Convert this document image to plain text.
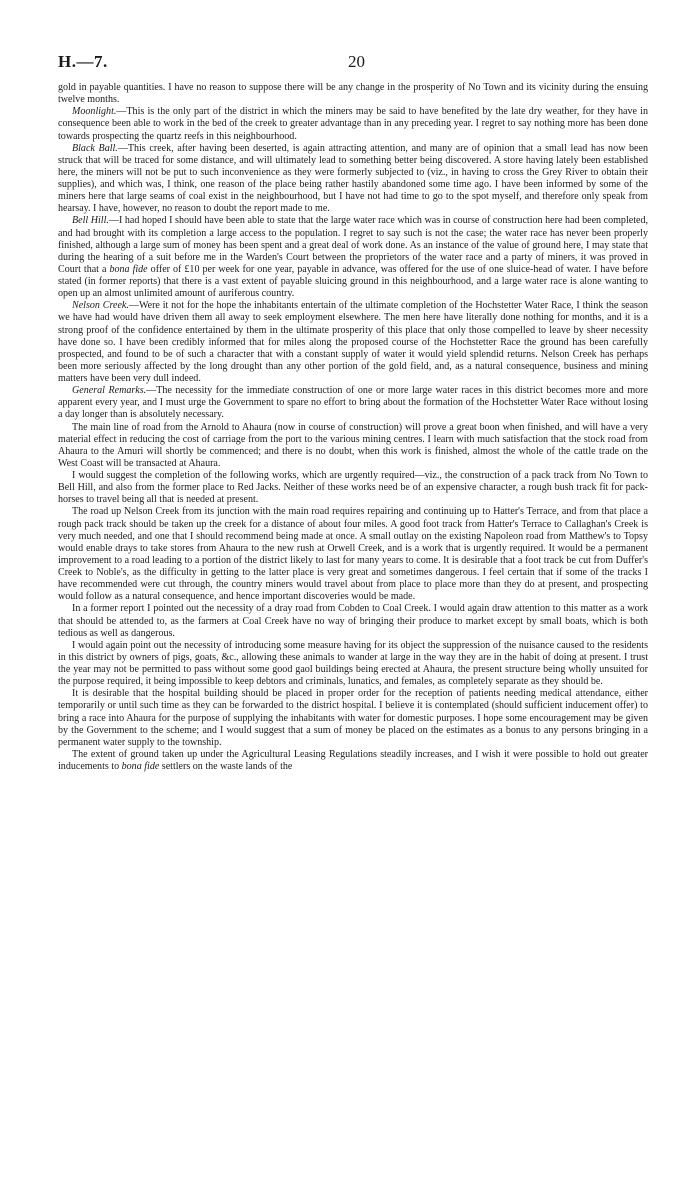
H.—7.	20

gold in payable quantities. I have no reason to suppose there will be any change in the prosperity of No Town and its vicinity during the ensuing twelve months.

Moonlight.—This is the only part of the district in which the miners may be said to have benefited by the late dry weather, for they have in consequence been able to work in the bed of the creek to greater advantage than in any preceding year. I regret to say nothing more has been done towards prospecting the quartz reefs in this neighbourhood.

Black Ball.—This creek, after having been deserted, is again attracting attention, and many are of opinion that a small lead has now been struck that will be traced for some distance, and will ultimately lead to something better being discovered. A store having lately been established here, the miners will not be put to such inconvenience as they were formerly subjected to (viz., in having to cross the Grey River to obtain their supplies), and which was, I think, one reason of the place being rather hastily abandoned some time ago. I have been informed by some of the miners here that large seams of coal exist in the neighbourhood, but I have not had time to go to the spot myself, and therefore only speak from hearsay. I have, however, no reason to doubt the report made to me.

Bell Hill.—I had hoped I should have been able to state that the large water race which was in course of construction here had been completed, and had brought with its completion a large access to the population. I regret to say such is not the case; the water race has never been properly finished, although a large sum of money has been spent and a great deal of work done. As an instance of the value of ground here, I may state that during the hearing of a suit before me in the Warden's Court between the proprietors of the water race and a party of miners, it was proved in Court that a bona fide offer of £10 per week for one year, payable in advance, was offered for the use of one sluice-head of water. I have before stated (in former reports) that there is a vast extent of payable sluicing ground in this neighbourhood, and a large water race is alone wanting to open up an almost unlimited amount of auriferous country.

Nelson Creek.—Were it not for the hope the inhabitants entertain of the ultimate completion of the Hochstetter Water Race, I think the season we have had would have driven them all away to seek employment elsewhere. The men here have literally done nothing for months, and it is a strong proof of the confidence entertained by them in the ultimate prosperity of this place that only those compelled to leave by sheer necessity have done so. I have been credibly informed that for miles along the proposed course of the Hochstetter Race the ground has been carefully prospected, and found to be of such a character that with a constant supply of water it would yield splendid returns. Nelson Creek has perhaps been more seriously affected by the long drought than any other portion of the gold field, and, as a natural consequence, business and mining matters have been very dull indeed.

General Remarks.—The necessity for the immediate construction of one or more large water races in this district becomes more and more apparent every year, and I must urge the Government to spare no effort to bring about the formation of the Hochstetter Water Race without losing a day longer than is absolutely necessary.

The main line of road from the Arnold to Ahaura (now in course of construction) will prove a great boon when finished, and will have a very material effect in reducing the cost of carriage from the port to the various mining centres. I learn with much satisfaction that the stock road from Ahaura to the Amuri will shortly be commenced; and there is no doubt, when this work is finished, almost the whole of the cattle trade on the West Coast will be transacted at Ahaura.

I would suggest the completion of the following works, which are urgently required—viz., the construction of a pack track from No Town to Bell Hill, and also from the former place to Red Jacks. Neither of these works need be of an expensive character, a rough bush track fit for pack-horses to travel being all that is needed at present.

The road up Nelson Creek from its junction with the main road requires repairing and continuing up to Hatter's Terrace, and from that place a rough pack track should be taken up the creek for a distance of about four miles. A good foot track from Hatter's Terrace to Callaghan's Creek is very much needed, and one that I should recommend being made at once. A small outlay on the existing Napoleon road from Matthew's to Topsy would enable drays to take stores from Ahaura to the new rush at Orwell Creek, and is a work that is urgently required. It would be a permanent improvement to a road leading to a portion of the district likely to last for many years to come. It is desirable that a foot track be cut from Duffer's Creek to Noble's, as the difficulty in getting to the latter place is very great and sometimes dangerous. I feel certain that if some of the tracks I have recommended were cut through, the country miners would travel about from place to place more than they do at present, and prospecting would follow as a natural consequence, and hence important discoveries would be made.

In a former report I pointed out the necessity of a dray road from Cobden to Coal Creek. I would again draw attention to this matter as a work that should be attended to, as the farmers at Coal Creek have no way of bringing their produce to market except by small boats, which is both tedious as well as dangerous.

I would again point out the necessity of introducing some measure having for its object the suppression of the nuisance caused to the residents in this district by owners of pigs, goats, &c., allowing these animals to wander at large in the way they are in the habit of doing at present. I trust the year may not be permitted to pass without some good gaol buildings being erected at Ahaura, the present structure being wholly unsuited for the purpose required, it being impossible to keep debtors and criminals, lunatics, and females, as completely separate as they should be.

It is desirable that the hospital building should be placed in proper order for the reception of patients needing medical attendance, either temporarily or until such time as they can be forwarded to the district hospital. I believe it is contemplated (should sufficient inducement offer) to bring a race into Ahaura for the purpose of supplying the inhabitants with water for domestic purposes. I hope some encouragement may be given by the Government to the scheme; and I would suggest that a sum of money be placed on the estimates as a bonus to any persons bringing in a permanent water supply to the township.

The extent of ground taken up under the Agricultural Leasing Regulations steadily increases, and I wish it were possible to hold out greater inducements to bona fide settlers on the waste lands of the
